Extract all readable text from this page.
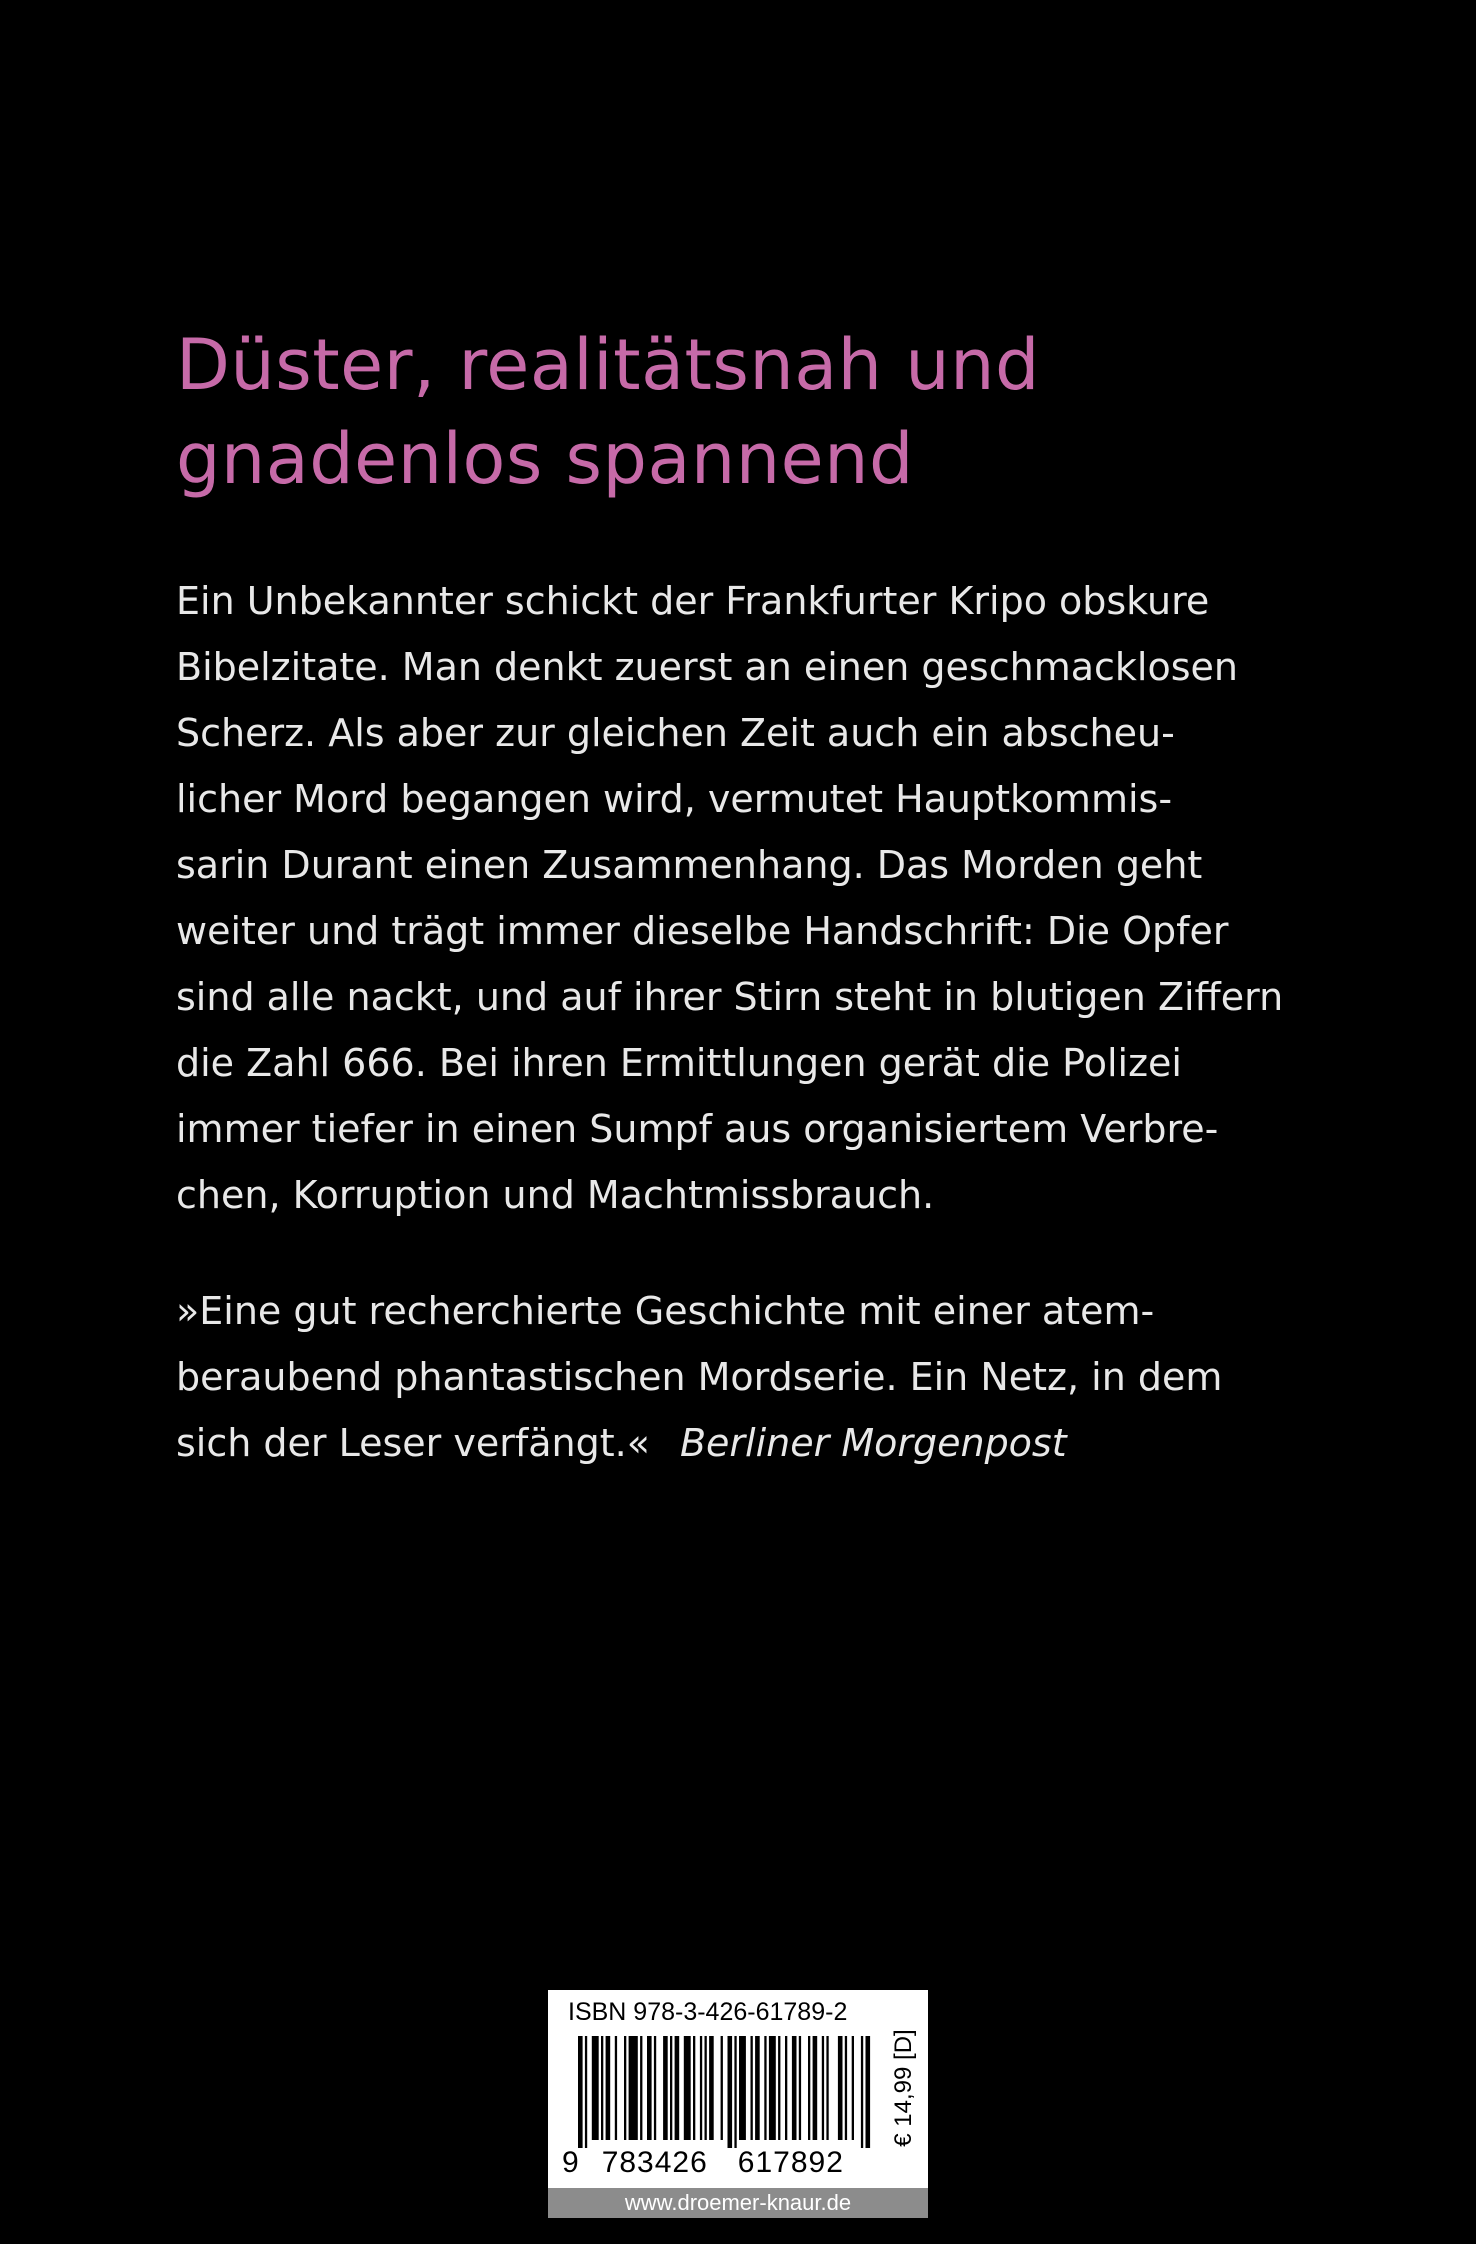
Düster, realitätsnah und
gnadenlos spannend
Ein Unbekannter schickt der Frankfurter Kripo obskure
Bibelzitate. Man denkt zuerst an einen geschmacklosen
Scherz. Als aber zur gleichen Zeit auch ein abscheu-
licher Mord begangen wird, vermutet Hauptkommis-
sarin Durant einen Zusammenhang. Das Morden geht
weiter und trägt immer dieselbe Handschrift: Die Opfer
sind alle nackt, und auf ihrer Stirn steht in blutigen Ziffern
die Zahl 666. Bei ihren Ermittlungen gerät die Polizei
immer tiefer in einen Sumpf aus organisiertem Verbre-
chen, Korruption und Machtmissbrauch.
»Eine gut recherchierte Geschichte mit einer atem-
beraubend phantastischen Mordserie. Ein Netz, in dem
sich der Leser verfängt.« Berliner Morgenpost
ISBN 978-3-426-61789-2
9 783426 617892
€ 14,99 [D]
www.droemer-knaur.de
